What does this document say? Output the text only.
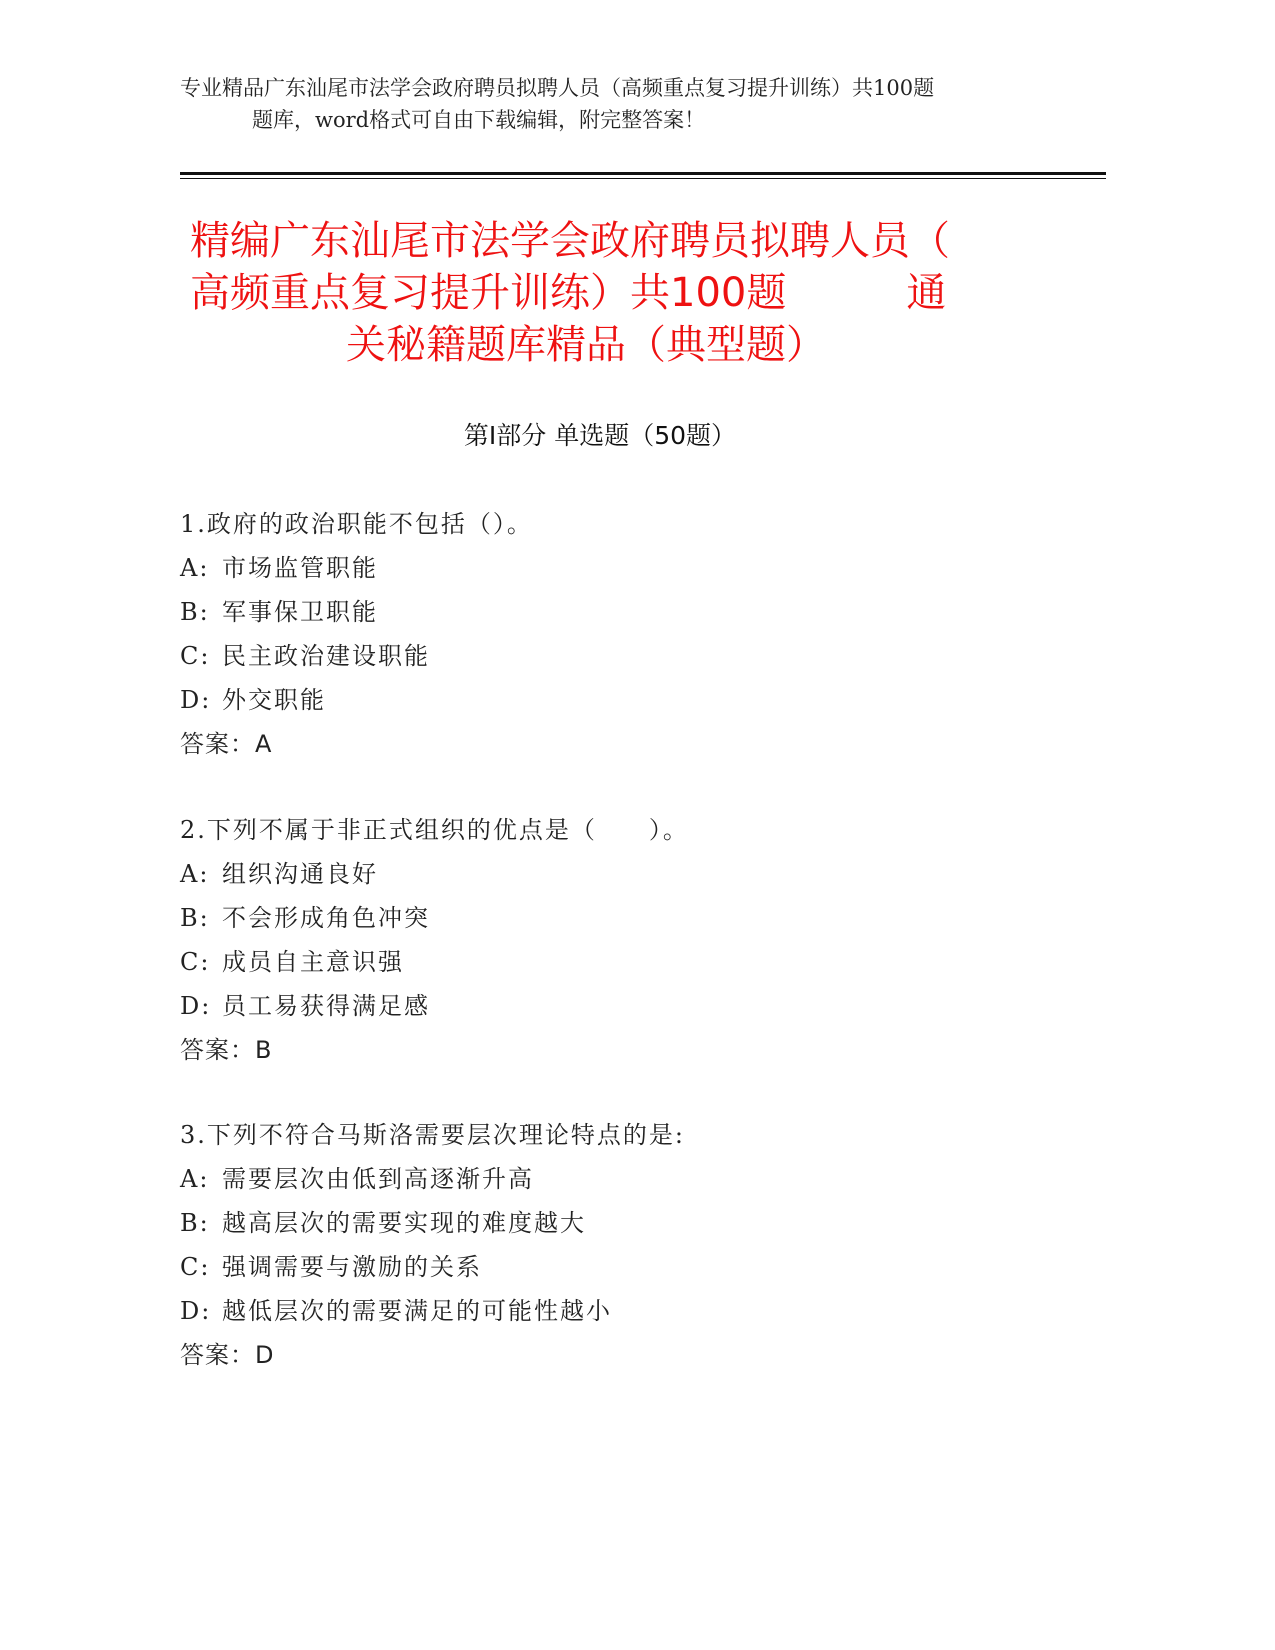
专业精品广东汕尾市法学会政府聘员拟聘人员（高频重点复习提升训练）共100题
题库，word格式可自由下载编辑，附完整答案！
精编广东汕尾市法学会政府聘员拟聘人员（
高频重点复习提升训练）共100题	通
关秘籍题库精品（典型题）
第Ⅰ部分 单选题（50题）
1.政府的政治职能不包括（）。
A: 市场监管职能
B: 军事保卫职能
C: 民主政治建设职能
D: 外交职能
答案：A
2.下列不属于非正式组织的优点是（　　）。
A: 组织沟通良好
B: 不会形成角色冲突
C: 成员自主意识强
D: 员工易获得满足感
答案：B
3.下列不符合马斯洛需要层次理论特点的是:
A: 需要层次由低到高逐渐升高
B: 越高层次的需要实现的难度越大
C: 强调需要与激励的关系
D: 越低层次的需要满足的可能性越小
答案：D
